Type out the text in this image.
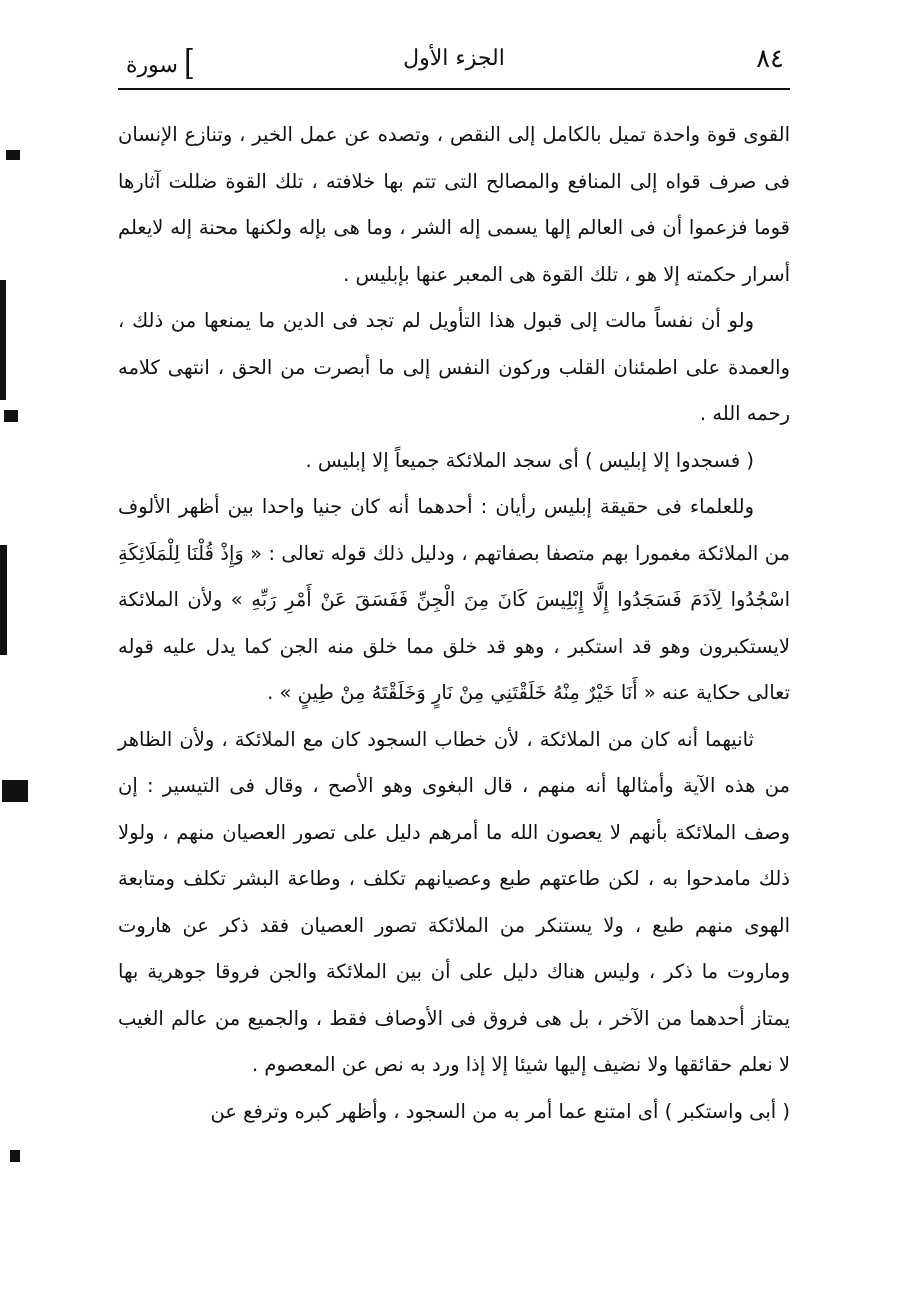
٨٤
الجزء الأول
]سورة

القوى قوة واحدة تميل بالكامل إلى النقص ، وتصده عن عمل الخير ، وتنازع الإنسان فى صرف قواه إلى المنافع والمصالح التى تتم بها خلافته ، تلك القوة ضللت آثارها قوما فزعموا أن فى العالم إلها يسمى إله الشر ، وما هى بإله ولكنها محنة إله لايعلم أسرار حكمته إلا هو ، تلك القوة هى المعبر عنها بإبليس .

ولو أن نفساً مالت إلى قبول هذا التأويل لم تجد فى الدين ما يمنعها من ذلك ، والعمدة على اطمئنان القلب وركون النفس إلى ما أبصرت من الحق ، انتهى كلامه رحمه الله .

( فسجدوا إلا إبليس ) أى سجد الملائكة جميعاً إلا إبليس .

وللعلماء فى حقيقة إبليس رأيان : أحدهما أنه كان جنيا واحدا بين أظهر الألوف من الملائكة مغمورا بهم متصفا بصفاتهم ، ودليل ذلك قوله تعالى : « وَإِذْ قُلْنَا لِلْمَلَائِكَةِ اسْجُدُوا لِآدَمَ فَسَجَدُوا إِلَّا إِبْلِيسَ كَانَ مِنَ الْجِنِّ فَفَسَقَ عَنْ أَمْرِ رَبِّهِ » ولأن الملائكة لايستكبرون وهو قد استكبر ، وهو قد خلق مما خلق منه الجن كما يدل عليه قوله تعالى حكاية عنه « أَنَا خَيْرٌ مِنْهُ خَلَقْتَنِي مِنْ نَارٍ وَخَلَقْتَهُ مِنْ طِينٍ » .

ثانيهما أنه كان من الملائكة ، لأن خطاب السجود كان مع الملائكة ، ولأن الظاهر من هذه الآية وأمثالها أنه منهم ، قال البغوى وهو الأصح ، وقال فى التيسير : إن وصف الملائكة بأنهم لا يعصون الله ما أمرهم دليل على تصور العصيان منهم ، ولولا ذلك مامدحوا به ، لكن طاعتهم طبع وعصيانهم تكلف ، وطاعة البشر تكلف ومتابعة الهوى منهم طبع ، ولا يستنكر من الملائكة تصور العصيان فقد ذكر عن هاروت وماروت ما ذكر ، وليس هناك دليل على أن بين الملائكة والجن فروقا جوهرية بها يمتاز أحدهما من الآخر ، بل هى فروق فى الأوصاف فقط ، والجميع من عالم الغيب لا نعلم حقائقها ولا نضيف إليها شيئا إلا إذا ورد به نص عن المعصوم .

( أبى واستكبر ) أى امتنع عما أمر به من السجود ، وأظهر كبره وترفع عن
